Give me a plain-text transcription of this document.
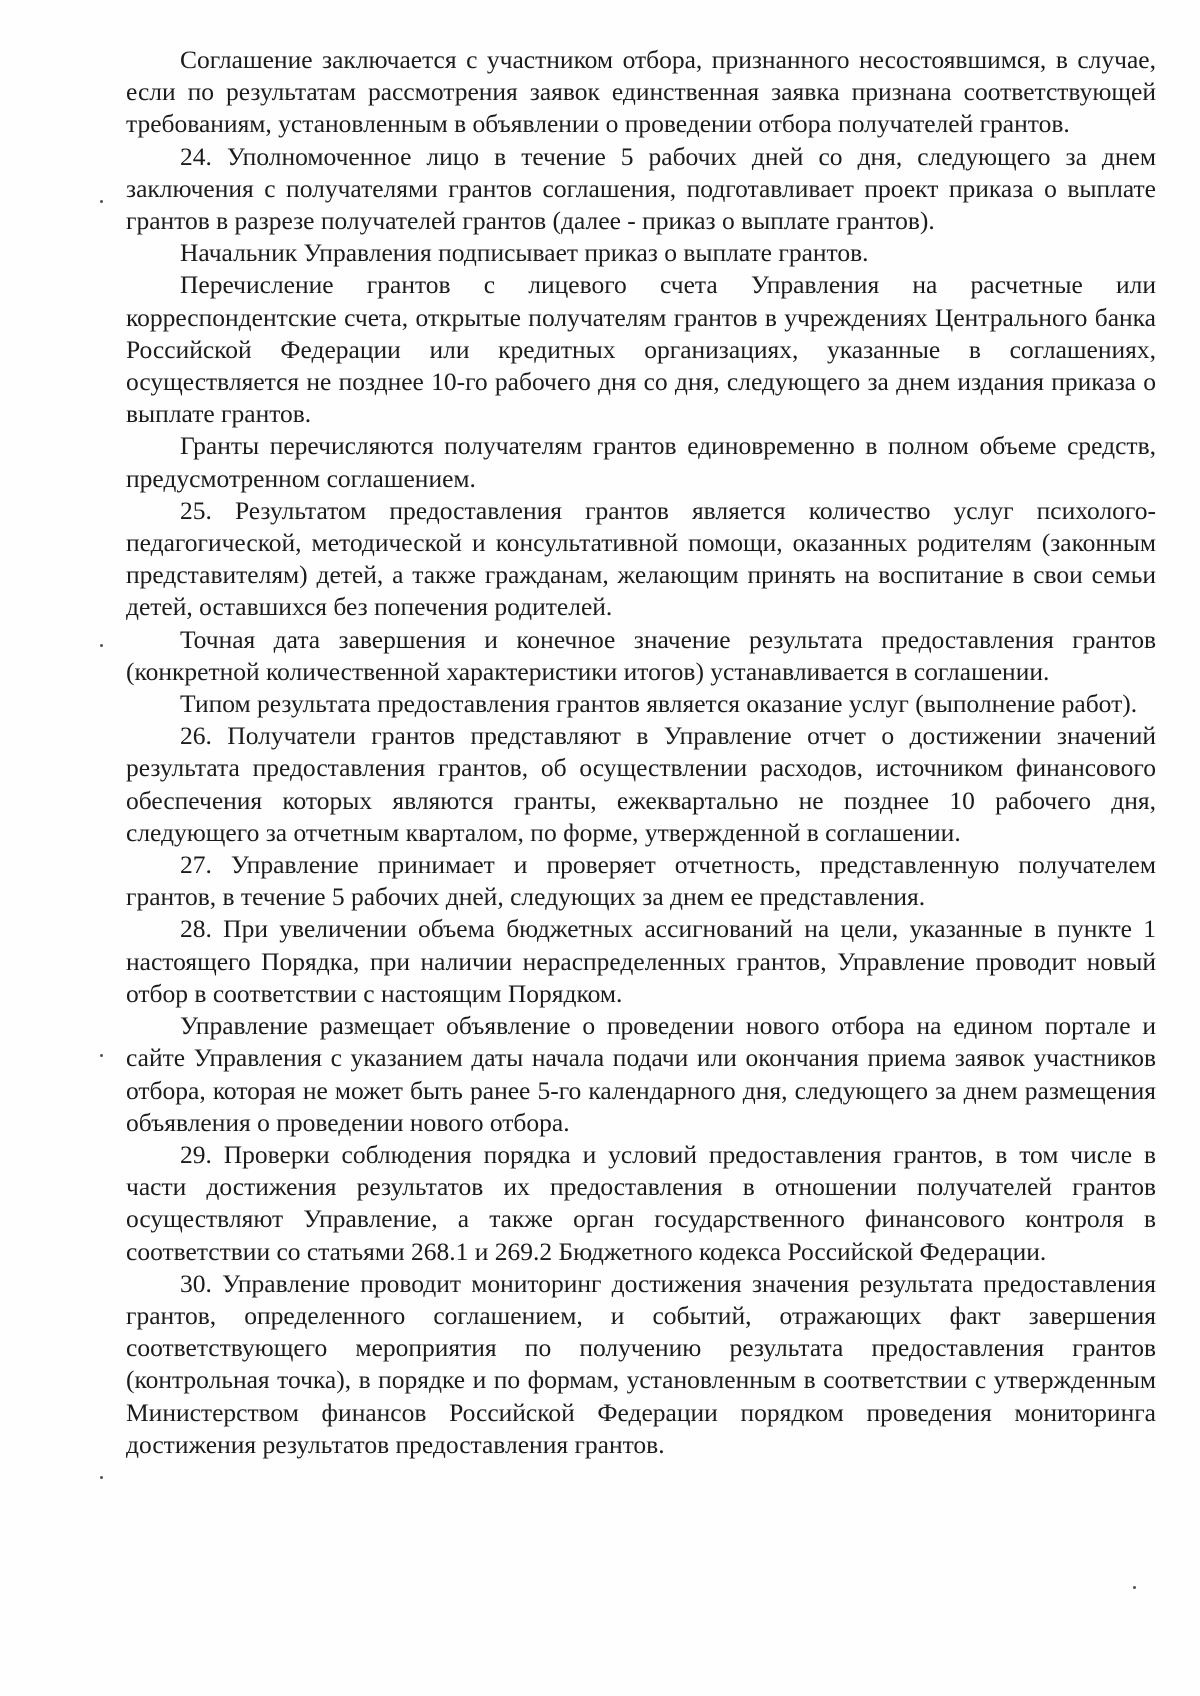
Соглашение заключается с участником отбора, признанного несостоявшимся, в случае, если по результатам рассмотрения заявок единственная заявка признана соответствующей требованиям, установленным в объявлении о проведении отбора получателей грантов.

24. Уполномоченное лицо в течение 5 рабочих дней со дня, следующего за днем заключения с получателями грантов соглашения, подготавливает проект приказа о выплате грантов в разрезе получателей грантов (далее - приказ о выплате грантов).

Начальник Управления подписывает приказ о выплате грантов.

Перечисление грантов с лицевого счета Управления на расчетные или корреспондентские счета, открытые получателям грантов в учреждениях Центрального банка Российской Федерации или кредитных организациях, указанные в соглашениях, осуществляется не позднее 10-го рабочего дня со дня, следующего за днем издания приказа о выплате грантов.

Гранты перечисляются получателям грантов единовременно в полном объеме средств, предусмотренном соглашением.

25. Результатом предоставления грантов является количество услуг психолого-педагогической, методической и консультативной помощи, оказанных родителям (законным представителям) детей, а также гражданам, желающим принять на воспитание в свои семьи детей, оставшихся без попечения родителей.

Точная дата завершения и конечное значение результата предоставления грантов (конкретной количественной характеристики итогов) устанавливается в соглашении.

Типом результата предоставления грантов является оказание услуг (выполнение работ).

26. Получатели грантов представляют в Управление отчет о достижении значений результата предоставления грантов, об осуществлении расходов, источником финансового обеспечения которых являются гранты, ежеквартально не позднее 10 рабочего дня, следующего за отчетным кварталом, по форме, утвержденной в соглашении.

27. Управление принимает и проверяет отчетность, представленную получателем грантов, в течение 5 рабочих дней, следующих за днем ее представления.

28. При увеличении объема бюджетных ассигнований на цели, указанные в пункте 1 настоящего Порядка, при наличии нераспределенных грантов, Управление проводит новый отбор в соответствии с настоящим Порядком.

Управление размещает объявление о проведении нового отбора на едином портале и сайте Управления с указанием даты начала подачи или окончания приема заявок участников отбора, которая не может быть ранее 5-го календарного дня, следующего за днем размещения объявления о проведении нового отбора.

29. Проверки соблюдения порядка и условий предоставления грантов, в том числе в части достижения результатов их предоставления в отношении получателей грантов осуществляют Управление, а также орган государственного финансового контроля в соответствии со статьями 268.1 и 269.2 Бюджетного кодекса Российской Федерации.

30. Управление проводит мониторинг достижения значения результата предоставления грантов, определенного соглашением, и событий, отражающих факт завершения соответствующего мероприятия по получению результата предоставления грантов (контрольная точка), в порядке и по формам, установленным в соответствии с утвержденным Министерством финансов Российской Федерации порядком проведения мониторинга достижения результатов предоставления грантов.
